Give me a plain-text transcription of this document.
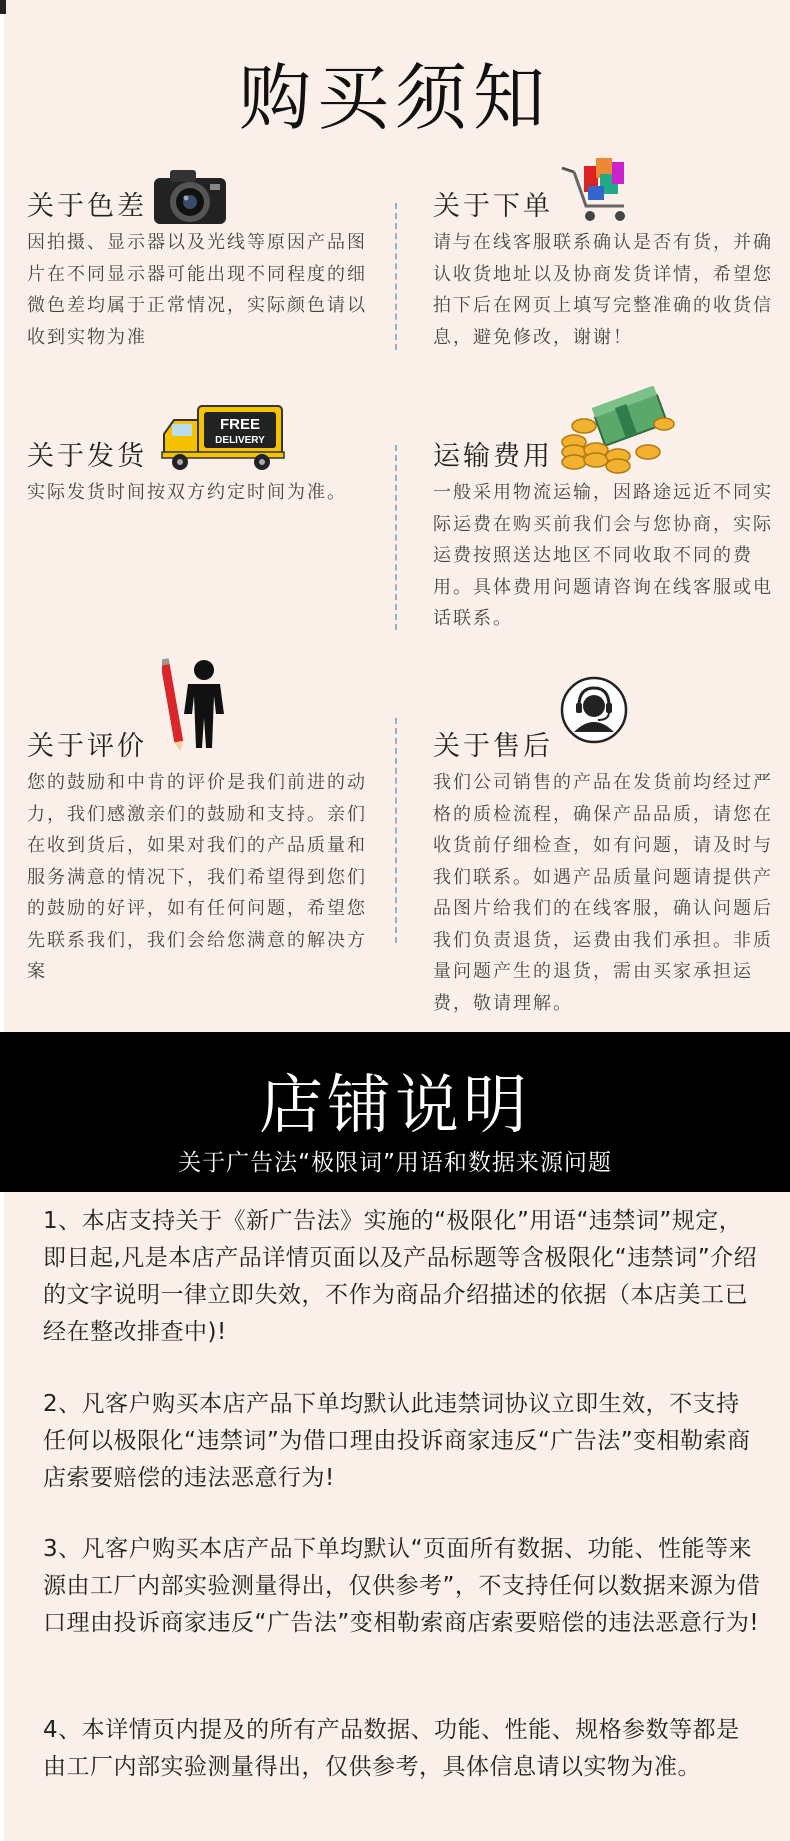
购买须知
关于色差
因拍摄、显示器以及光线等原因产品图片在不同显示器可能出现不同程度的细微色差均属于正常情况，实际颜色请以收到实物为准
关于下单
请与在线客服联系确认是否有货，并确认收货地址以及协商发货详情，希望您拍下后在网页上填写完整准确的收货信息，避免修改，谢谢！
关于发货
实际发货时间按双方约定时间为准。
FREE
DELIVERY
运输费用
一般采用物流运输，因路途远近不同实际运费在购买前我们会与您协商，实际运费按照送达地区不同收取不同的费用。具体费用问题请咨询在线客服或电话联系。
关于评价
您的鼓励和中肯的评价是我们前进的动力，我们感激亲们的鼓励和支持。亲们在收到货后，如果对我们的产品质量和服务满意的情况下，我们希望得到您们的鼓励的好评，如有任何问题，希望您先联系我们，我们会给您满意的解决方案
关于售后
我们公司销售的产品在发货前均经过严格的质检流程，确保产品品质，请您在收货前仔细检查，如有问题，请及时与我们联系。如遇产品质量问题请提供产品图片给我们的在线客服，确认问题后我们负责退货，运费由我们承担。非质量问题产生的退货，需由买家承担运费，敬请理解。
店铺说明
关于广告法“极限词”用语和数据来源问题
1、本店支持关于《新广告法》实施的“极限化”用语“违禁词”规定，即日起,凡是本店产品详情页面以及产品标题等含极限化“违禁词”介绍的文字说明一律立即失效，不作为商品介绍描述的依据（本店美工已经在整改排查中)!
2、凡客户购买本店产品下单均默认此违禁词协议立即生效，不支持任何以极限化“违禁词”为借口理由投诉商家违反“广告法”变相勒索商店索要赔偿的违法恶意行为!
3、凡客户购买本店产品下单均默认“页面所有数据、功能、性能等来源由工厂内部实验测量得出，仅供参考”，不支持任何以数据来源为借口理由投诉商家违反“广告法”变相勒索商店索要赔偿的违法恶意行为!
4、本详情页内提及的所有产品数据、功能、性能、规格参数等都是由工厂内部实验测量得出，仅供参考，具体信息请以实物为准。
